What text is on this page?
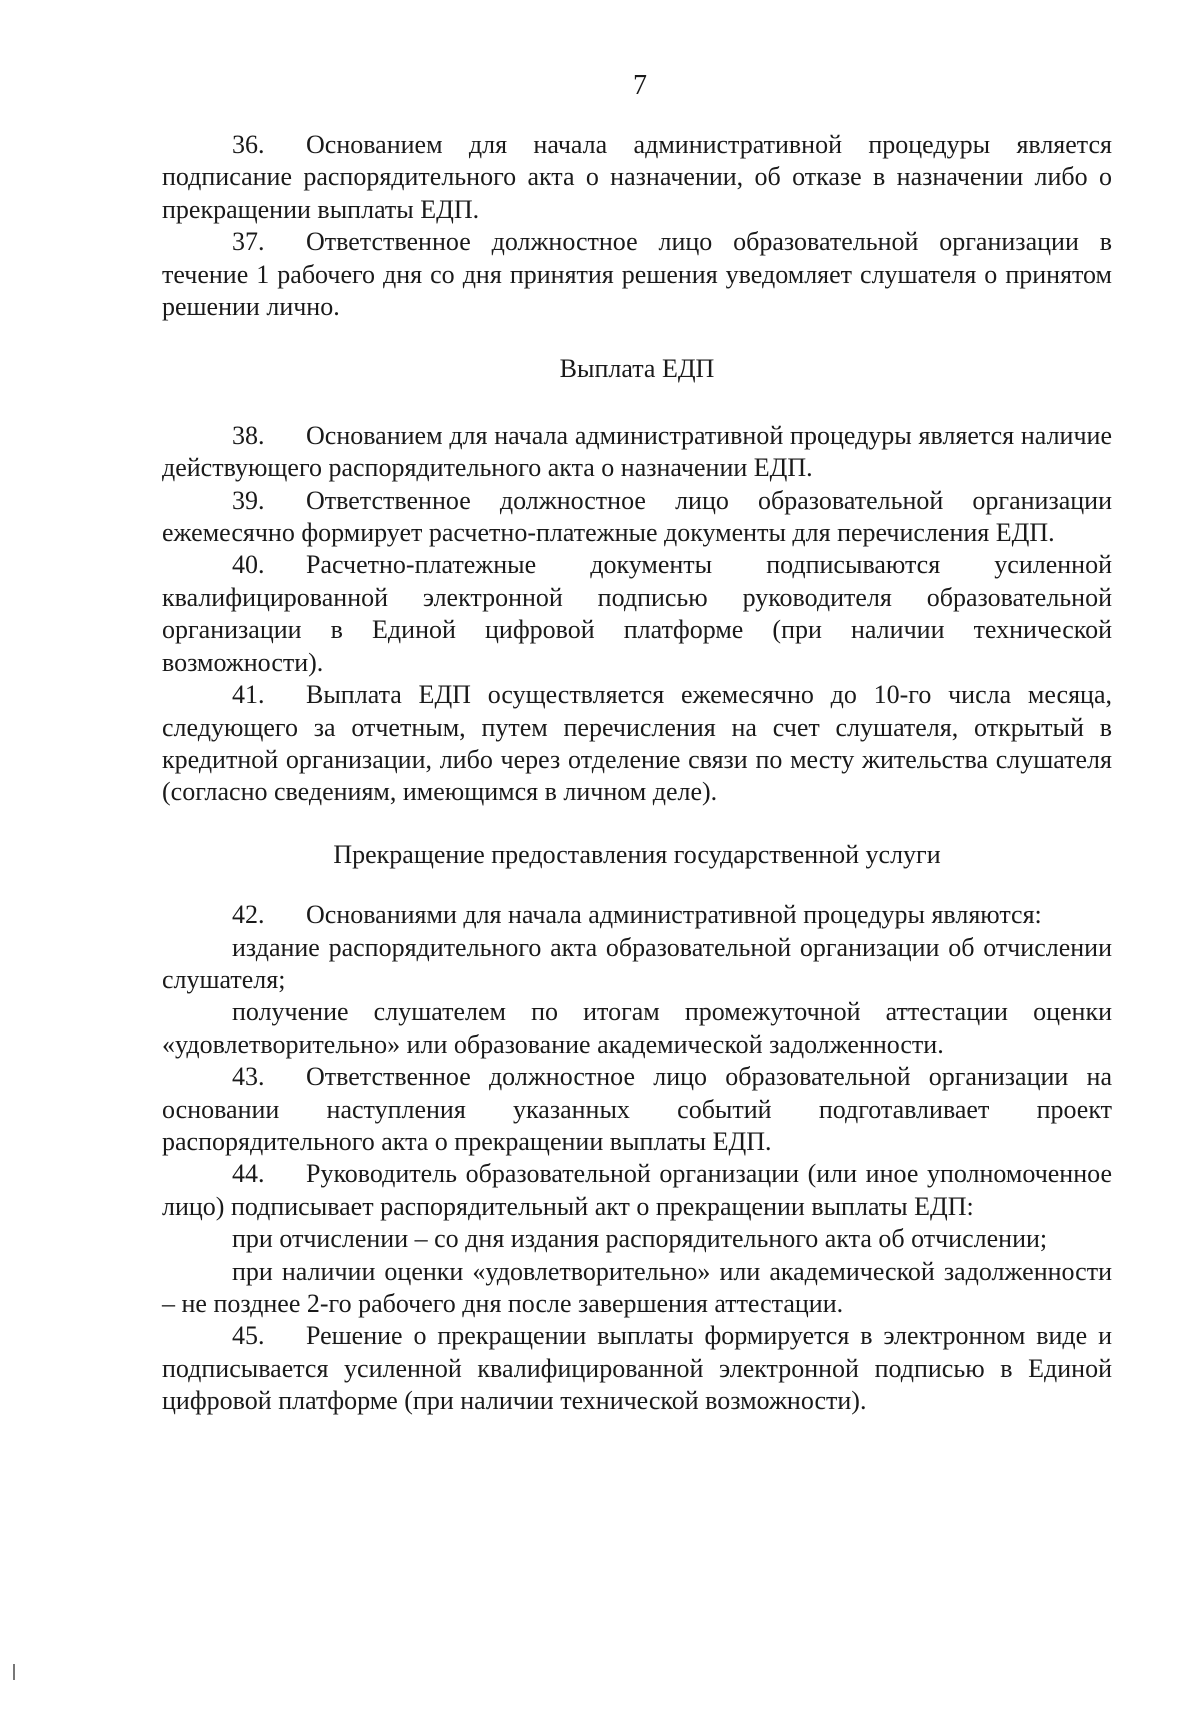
7

36. Основанием для начала административной процедуры является подписание распорядительного акта о назначении, об отказе в назначении либо о прекращении выплаты ЕДП.

37. Ответственное должностное лицо образовательной организации в течение 1 рабочего дня со дня принятия решения уведомляет слушателя о принятом решении лично.

Выплата ЕДП

38. Основанием для начала административной процедуры является наличие действующего распорядительного акта о назначении ЕДП.

39. Ответственное должностное лицо образовательной организации ежемесячно формирует расчетно-платежные документы для перечисления ЕДП.

40. Расчетно-платежные документы подписываются усиленной квалифицированной электронной подписью руководителя образовательной организации в Единой цифровой платформе (при наличии технической возможности).

41. Выплата ЕДП осуществляется ежемесячно до 10-го числа месяца, следующего за отчетным, путем перечисления на счет слушателя, открытый в кредитной организации, либо через отделение связи по месту жительства слушателя (согласно сведениям, имеющимся в личном деле).

Прекращение предоставления государственной услуги

42. Основаниями для начала административной процедуры являются:

издание распорядительного акта образовательной организации об отчислении слушателя;

получение слушателем по итогам промежуточной аттестации оценки «удовлетворительно» или образование академической задолженности.

43. Ответственное должностное лицо образовательной организации на основании наступления указанных событий подготавливает проект распорядительного акта о прекращении выплаты ЕДП.

44. Руководитель образовательной организации (или иное уполномоченное лицо) подписывает распорядительный акт о прекращении выплаты ЕДП:

при отчислении – со дня издания распорядительного акта об отчислении;

при наличии оценки «удовлетворительно» или академической задолженности – не позднее 2-го рабочего дня после завершения аттестации.

45. Решение о прекращении выплаты формируется в электронном виде и подписывается усиленной квалифицированной электронной подписью в Единой цифровой платформе (при наличии технической возможности).
